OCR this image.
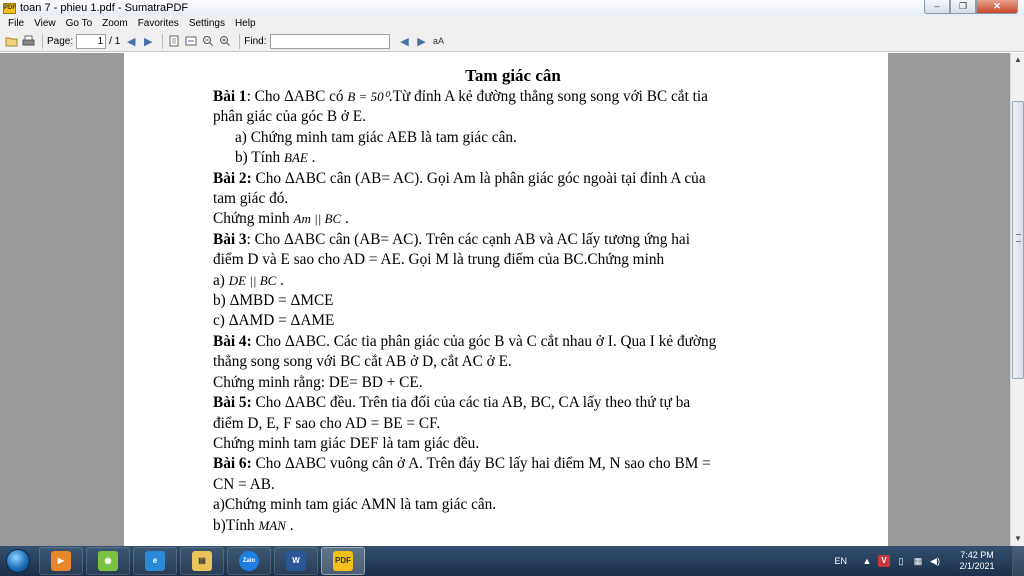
PDF toan 7 - phieu 1.pdf - SumatraPDF	–	❐	✕
File	View	Go To	Zoom	Favorites	Settings	Help
Page:	1 / 1 ◀ ▶	Find:	◀ ▶ aA

Tam giác cân

Bài 1: Cho ΔABC có B = 50⁰.Từ đỉnh A kẻ đường thẳng song song với BC cắt tia

phân giác của góc B ở E.

a) Chứng minh tam giác AEB là tam giác cân.

b) Tính BAE .

Bài 2: Cho ΔABC cân (AB= AC). Gọi Am là phân giác góc ngoài tại đỉnh A của

tam giác đó.

Chứng minh Am || BC .

Bài 3: Cho ΔABC cân (AB= AC). Trên các cạnh AB và AC lấy tương ứng hai

điểm D và E sao cho AD = AE. Gọi M là trung điểm của BC.Chứng minh

a) DE || BC .

b) ΔMBD = ΔMCE

c) ΔAMD = ΔAME

Bài 4: Cho ΔABC. Các tia phân giác của góc B và C cắt nhau ở I. Qua I kẻ đường

thẳng song song với BC cắt AB ở D, cắt AC ở E.

Chứng minh rằng: DE= BD + CE.

Bài 5: Cho ΔABC đều. Trên tia đối của các tia AB, BC, CA lấy theo thứ tự ba

điểm D, E, F sao cho AD = BE = CF.

Chứng minh tam giác DEF là tam giác đều.

Bài 6: Cho ΔABC vuông cân ở A. Trên đáy BC lấy hai điểm M, N sao cho BM =

CN = AB.

a)Chứng minh tam giác AMN là tam giác cân.

b)Tính MAN .

▲
▼
▶	◉	e	▤	Zalo	W	PDF	EN ▲	V	▯	▦ ◀)
7:42 PM
2/1/2021
